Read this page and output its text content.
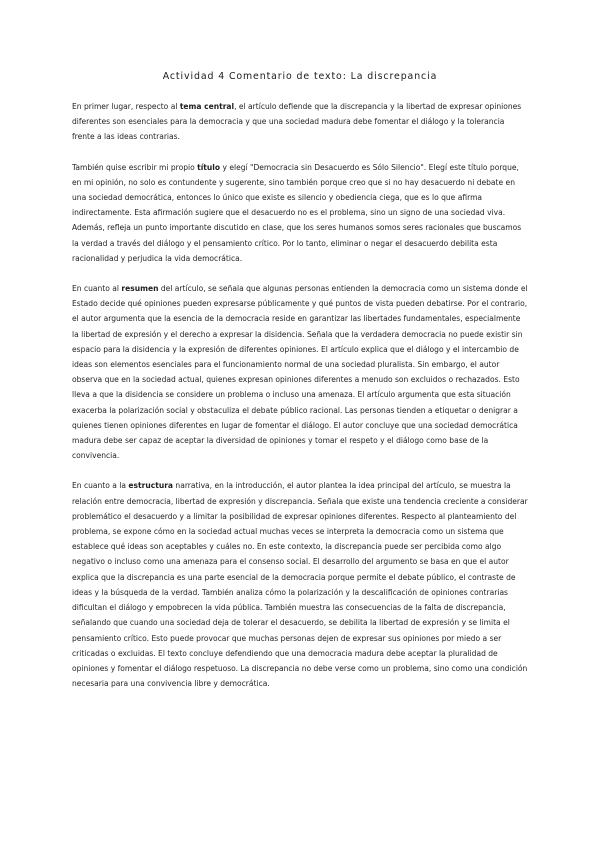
Actividad 4 Comentario de texto: La discrepancia

En primer lugar, respecto al tema central, el artículo defiende que la discrepancia y la libertad de expresar opiniones diferentes son esenciales para la democracia y que una sociedad madura debe fomentar el diálogo y la tolerancia frente a las ideas contrarias.

También quise escribir mi propio título y elegí "Democracia sin Desacuerdo es Sólo Silencio". Elegí este título porque, en mi opinión, no solo es contundente y sugerente, sino también porque creo que si no hay desacuerdo ni debate en una sociedad democrática, entonces lo único que existe es silencio y obediencia ciega, que es lo que afirma indirectamente. Esta afirmación sugiere que el desacuerdo no es el problema, sino un signo de una sociedad viva. Además, refleja un punto importante discutido en clase, que los seres humanos somos seres racionales que buscamos la verdad a través del diálogo y el pensamiento crítico. Por lo tanto, eliminar o negar el desacuerdo debilita esta racionalidad y perjudica la vida democrática.

En cuanto al resumen del artículo, se señala que algunas personas entienden la democracia como un sistema donde el Estado decide qué opiniones pueden expresarse públicamente y qué puntos de vista pueden debatirse. Por el contrario, el autor argumenta que la esencia de la democracia reside en garantizar las libertades fundamentales, especialmente la libertad de expresión y el derecho a expresar la disidencia. Señala que la verdadera democracia no puede existir sin espacio para la disidencia y la expresión de diferentes opiniones. El artículo explica que el diálogo y el intercambio de ideas son elementos esenciales para el funcionamiento normal de una sociedad pluralista. Sin embargo, el autor observa que en la sociedad actual, quienes expresan opiniones diferentes a menudo son excluidos o rechazados. Esto lleva a que la disidencia se considere un problema o incluso una amenaza. El artículo argumenta que esta situación exacerba la polarización social y obstaculiza el debate público racional. Las personas tienden a etiquetar o denigrar a quienes tienen opiniones diferentes en lugar de fomentar el diálogo. El autor concluye que una sociedad democrática madura debe ser capaz de aceptar la diversidad de opiniones y tomar el respeto y el diálogo como base de la convivencia.

En cuanto a la estructura narrativa, en la introducción, el autor plantea la idea principal del artículo, se muestra la relación entre democracia, libertad de expresión y discrepancia. Señala que existe una tendencia creciente a considerar problemático el desacuerdo y a limitar la posibilidad de expresar opiniones diferentes. Respecto al planteamiento del problema, se expone cómo en la sociedad actual muchas veces se interpreta la democracia como un sistema que establece qué ideas son aceptables y cuáles no. En este contexto, la discrepancia puede ser percibida como algo negativo o incluso como una amenaza para el consenso social. El desarrollo del argumento se basa en que el autor explica que la discrepancia es una parte esencial de la democracia porque permite el debate público, el contraste de ideas y la búsqueda de la verdad. También analiza cómo la polarización y la descalificación de opiniones contrarias dificultan el diálogo y empobrecen la vida pública. También muestra las consecuencias de la falta de discrepancia, señalando que cuando una sociedad deja de tolerar el desacuerdo, se debilita la libertad de expresión y se limita el pensamiento crítico. Esto puede provocar que muchas personas dejen de expresar sus opiniones por miedo a ser criticadas o excluidas. El texto concluye defendiendo que una democracia madura debe aceptar la pluralidad de opiniones y fomentar el diálogo respetuoso. La discrepancia no debe verse como un problema, sino como una condición necesaria para una convivencia libre y democrática.
